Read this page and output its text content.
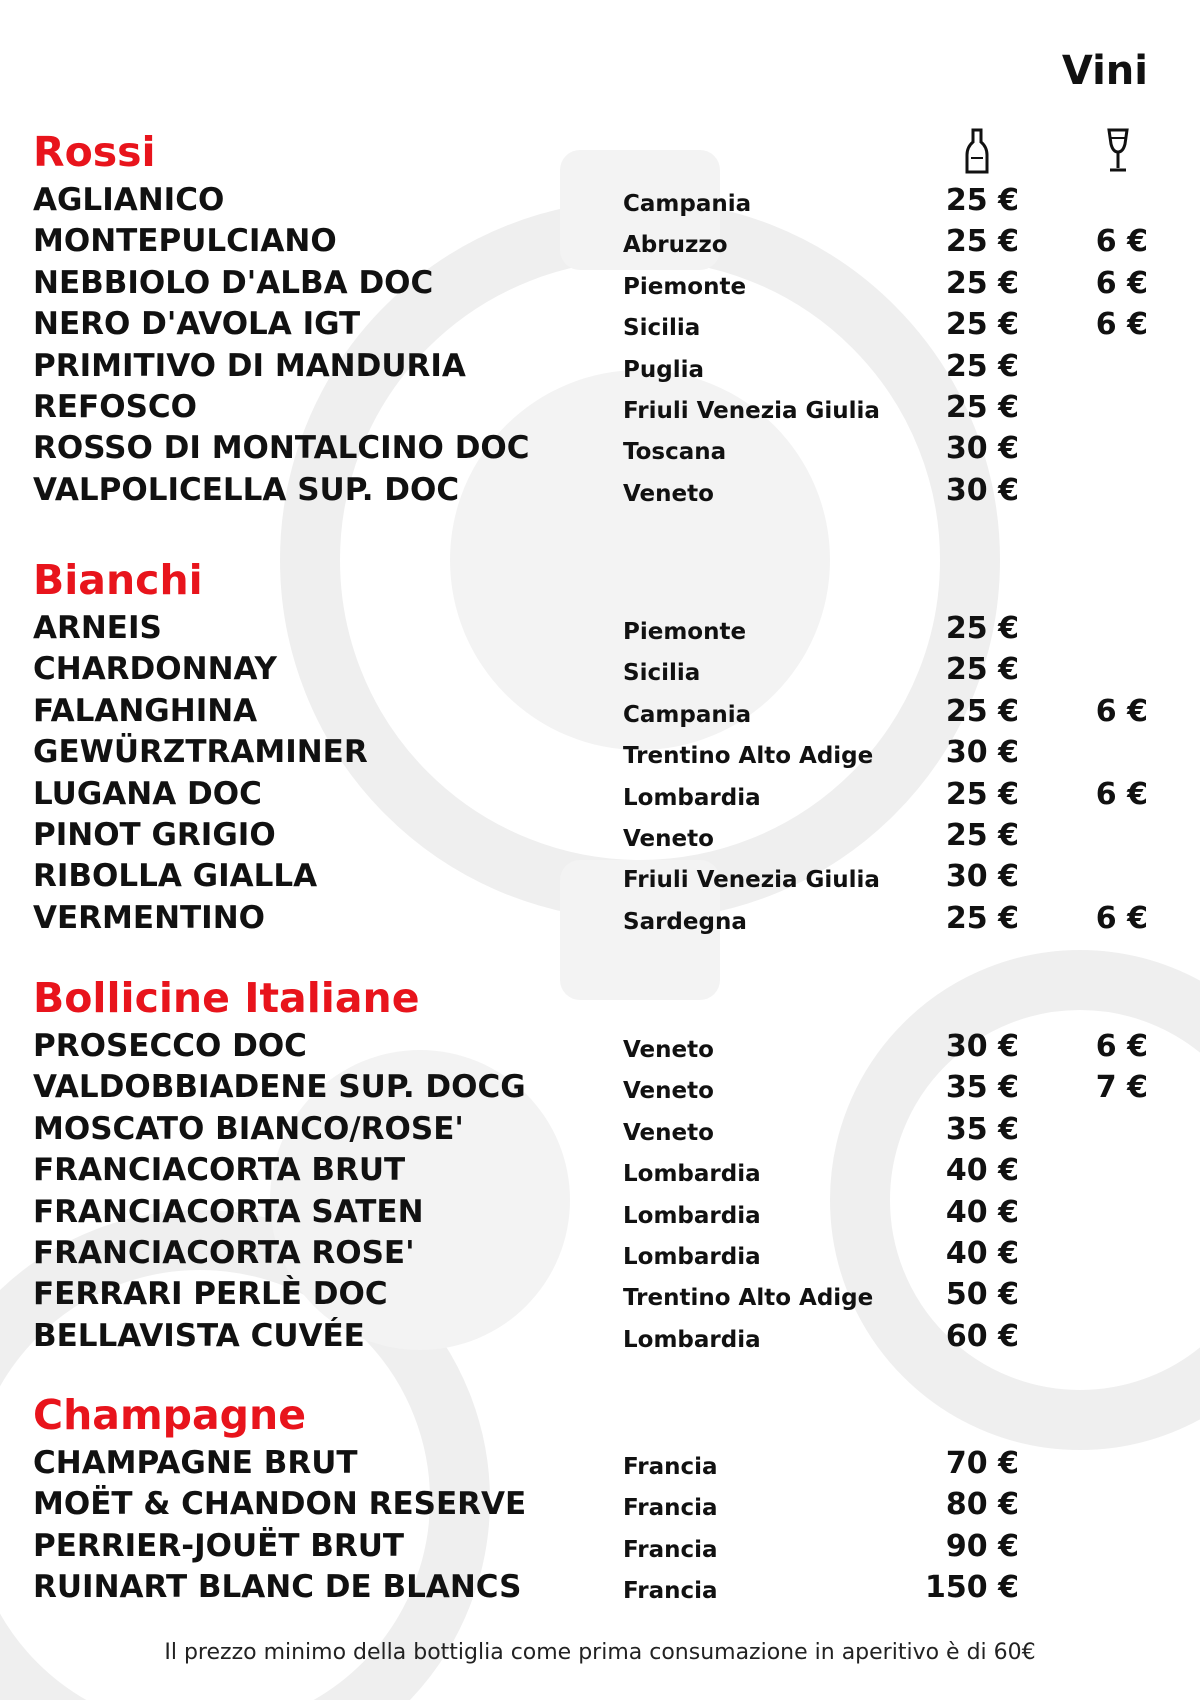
Vini
Rossi
AGLIANICO	Campania	25 €
MONTEPULCIANO	Abruzzo	25 €	6 €
NEBBIOLO D'ALBA DOC	Piemonte	25 €	6 €
NERO D'AVOLA IGT	Sicilia	25 €	6 €
PRIMITIVO DI MANDURIA	Puglia	25 €
REFOSCO	Friuli Venezia Giulia 25 €
ROSSO DI MONTALCINO DOC	Toscana	30 €
VALPOLICELLA SUP. DOC	Veneto	30 €
Bianchi
ARNEIS	Piemonte	25 €
CHARDONNAY	Sicilia	25 €
FALANGHINA	Campania	25 €	6 €
GEWÜRZTRAMINER	Trentino Alto Adige 30 €
LUGANA DOC	Lombardia	25 €	6 €
PINOT GRIGIO	Veneto	25 €
RIBOLLA GIALLA	Friuli Venezia Giulia 30 €
VERMENTINO	Sardegna	25 €	6 €
Bollicine Italiane
PROSECCO DOC	Veneto	30 €	6 €
VALDOBBIADENE SUP. DOCG	Veneto	35 €	7 €
MOSCATO BIANCO/ROSE'	Veneto	35 €
FRANCIACORTA BRUT	Lombardia	40 €
FRANCIACORTA SATEN	Lombardia	40 €
FRANCIACORTA ROSE'	Lombardia	40 €
FERRARI PERLÈ DOC	Trentino Alto Adige 50 €
BELLAVISTA CUVÉE	Lombardia	60 €
Champagne
CHAMPAGNE BRUT	Francia	70 €
MOËT & CHANDON RESERVE	Francia	80 €
PERRIER-JOUËT BRUT	Francia	90 €
RUINART BLANC DE BLANCS	Francia	150 €
Il prezzo minimo della bottiglia come prima consumazione in aperitivo è di 60€
